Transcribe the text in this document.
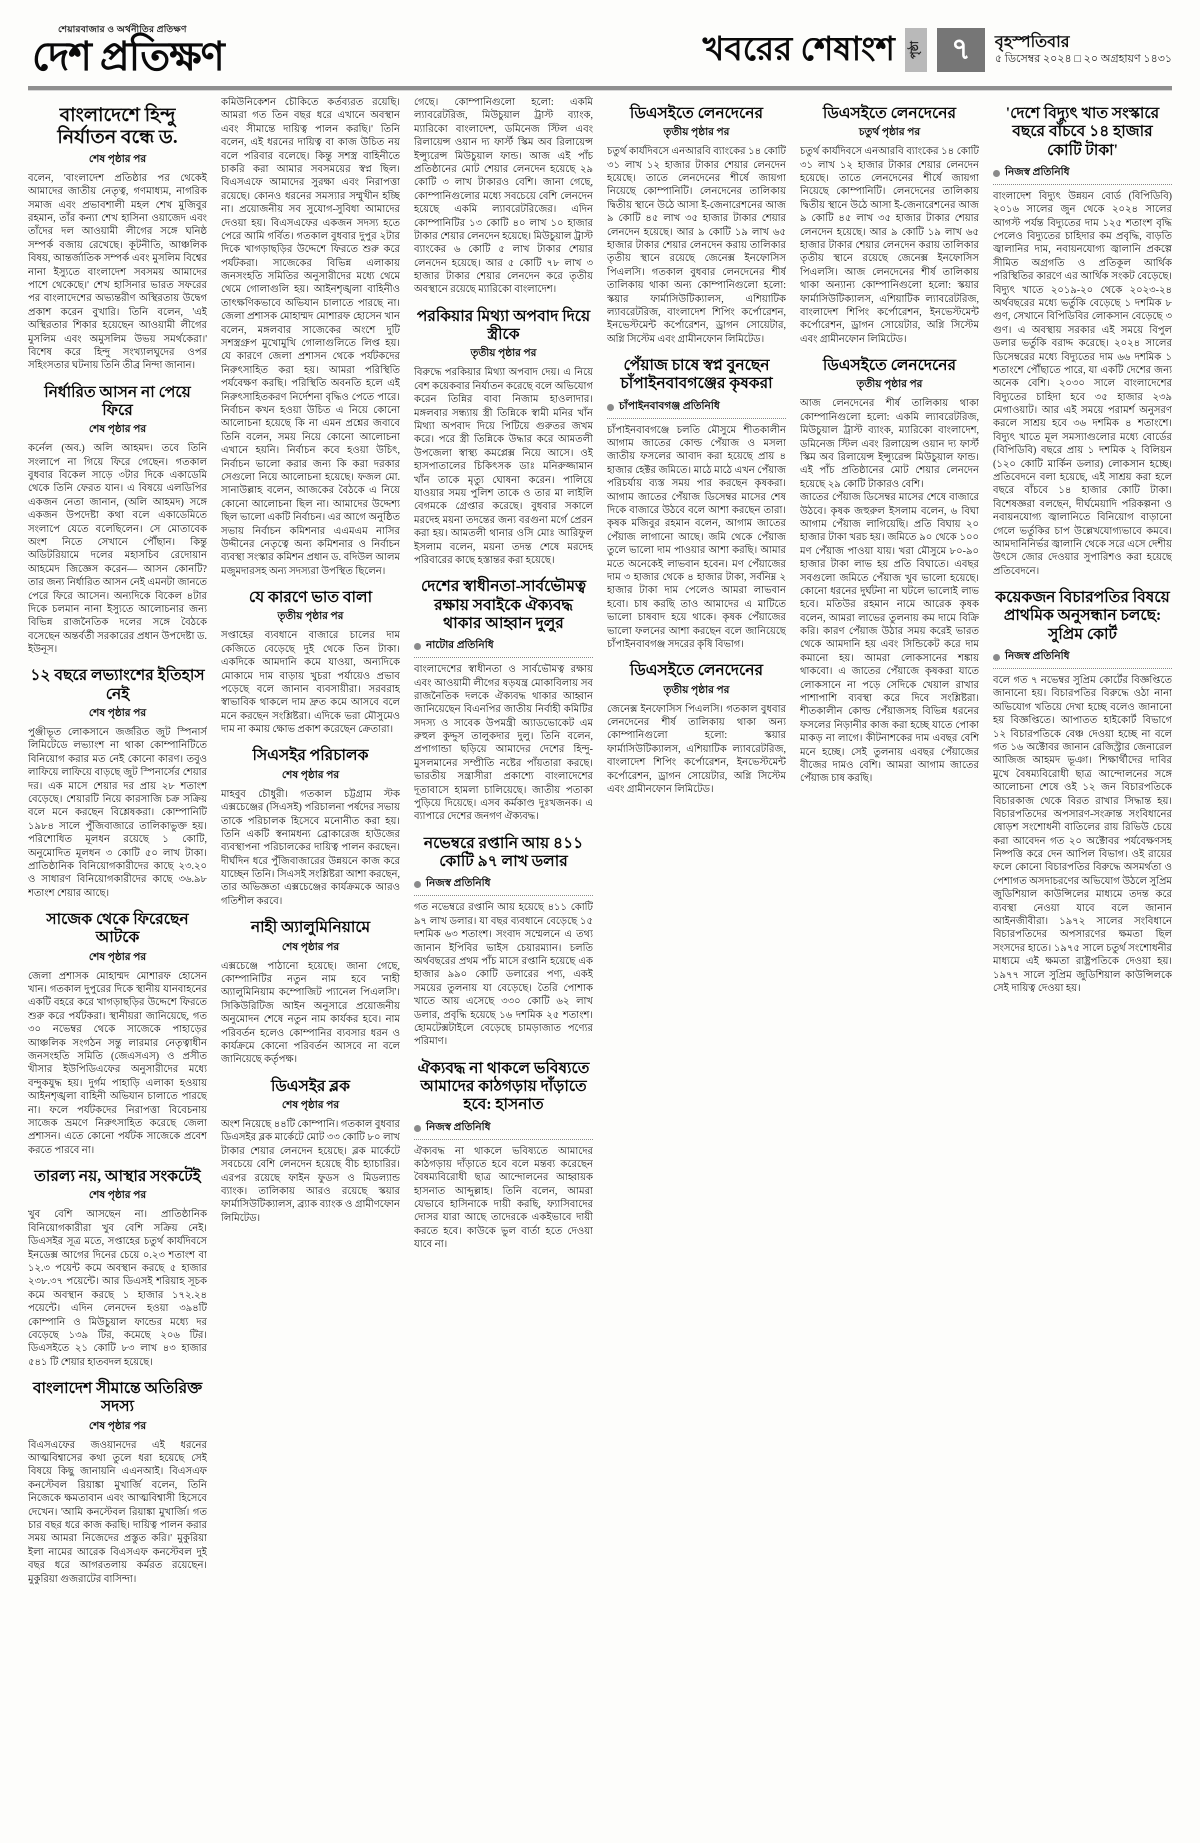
শেয়ারবাজার ও অর্থনীতির প্রতিক্ষণ
দেশ প্রতিক্ষণ	খবরের শেষাংশ পৃষ্ঠা ৭ বৃহস্পতিবার
৫ ডিসেম্বর ২০২৪ □ ২০ অগ্রহায়ণ ১৪৩১
বাংলাদেশে হিন্দু নির্যাতন বন্ধে ড.
শেষ পৃষ্ঠার পর
বলেন, 'বাংলাদেশ প্রতিষ্ঠার পর থেকেই আমাদের জাতীয় নেতৃত্ব, গণমাধ্যম, নাগরিক সমাজ এবং প্রভাবশালী মহল শেখ মুজিবুর রহমান, তাঁর কন্যা শেখ হাসিনা ওয়াজেদ এবং তাঁদের দল আওয়ামী লীগের সঙ্গে ঘনিষ্ঠ সম্পর্ক বজায় রেখেছে। কূটনীতি, আঞ্চলিক বিষয়, আন্তর্জাতিক সম্পর্ক এবং মুসলিম বিশ্বের নানা ইস্যুতে বাংলাদেশ সবসময় আমাদের পাশে থেকেছে।' শেখ হাসিনার ভারত সফরের পর বাংলাদেশের অভ্যন্তরীণ অস্থিরতায় উদ্বেগ প্রকাশ করেন বুখারি। তিনি বলেন, 'এই অস্থিরতার শিকার হয়েছেন আওয়ামী লীগের মুসলিম এবং অমুসলিম উভয় সমর্থকেরা।' বিশেষ করে হিন্দু সংখ্যালঘুদের ওপর সহিংসতার ঘটনায় তিনি তীব্র নিন্দা জানান।
নির্ধারিত আসন না পেয়ে ফিরে
শেষ পৃষ্ঠার পর
কর্নেল (অব.) অলি আহমদ। তবে তিনি সংলাপে না গিয়ে ফিরে গেছেন। গতকাল বুধবার বিকেল সাড়ে ৩টার দিকে একাডেমি থেকে তিনি ফেরত যান। এ বিষয়ে এলডিপির একজন নেতা জানান, (অলি আহমদ) সঙ্গে একজন উপদেষ্টা কথা বলে একাডেমিতে সংলাপে যেতে বলেছিলেন। সে মোতাবেক অংশ নিতে সেখানে পৌঁছান। কিন্তু অডিটরিয়ামে দলের মহাসচিব রেদোয়ান আহমেদ জিজ্ঞেস করেন— আসন কোনটি? তার জন্য নির্ধারিত আসন নেই এমনটা জানতে পেরে ফিরে আসেন। অন্যদিকে বিকেল ৪টার দিকে চলমান নানা ইস্যুতে আলোচনার জন্য বিভিন্ন রাজনৈতিক দলের সঙ্গে বৈঠকে বসেছেন অন্তর্বর্তী সরকারের প্রধান উপদেষ্টা ড. ইউনূস।
১২ বছরে লভ্যাংশের ইতিহাস নেই
শেষ পৃষ্ঠার পর
পুঞ্জীভূত লোকসানে জর্জরিত জুট স্পিনার্স লিমিটেডে লভ্যাংশ না থাকা কোম্পানিটিতে বিনিয়োগ করার মত নেই কোনো কারণ। তবুও লাফিয়ে লাফিয়ে বাড়ছে জুট স্পিনার্সের শেয়ার দর। এক মাসে শেয়ার দর প্রায় ২৮ শতাংশ বেড়েছে। শেয়ারটি নিয়ে কারসাজি চক্র সক্রিয় বলে মনে করছেন বিশ্লেষকরা। কোম্পানিটি ১৯৮৪ সালে পুঁজিবাজারে তালিকাভুক্ত হয়। পরিশোধিত মূলধন রয়েছে ১ কোটি, অনুমোদিত মূলধন ৩ কোটি ৫০ লাখ টাকা। প্রাতিষ্ঠানিক বিনিয়োগকারীদের কাছে ২৩.২০ ও সাধারণ বিনিয়োগকারীদের কাছে ৩৬.৯৮ শতাংশ শেয়ার আছে।
সাজেক থেকে ফিরেছেন আটকে
শেষ পৃষ্ঠার পর
জেলা প্রশাসক মোহাম্মদ মোশারফ হোসেন খান। গতকাল দুপুরের দিকে স্থানীয় যানবাহনের একটি বহরে করে খাগড়াছড়ির উদ্দেশে ফিরতে শুরু করে পর্যটকরা। স্থানীয়রা জানিয়েছে, গত ৩০ নভেম্বর থেকে সাজেকে পাহাড়ের আঞ্চলিক সংগঠন সন্তু লারমার নেতৃত্বাধীন জনসংহতি সমিতি (জেএসএস) ও প্রসীত খীসার ইউপিডিএফের অনুসারীদের মধ্যে বন্দুকযুদ্ধ হয়। দুর্গম পাহাড়ি এলাকা হওয়ায় আইনশৃঙ্খলা বাহিনী অভিযান চালাতে পারছে না। ফলে পর্যটকদের নিরাপত্তা বিবেচনায় সাজেক ভ্রমণে নিরুৎসাহিত করেছে জেলা প্রশাসন। এতে কোনো পর্যটক সাজেকে প্রবেশ করতে পারবে না।
তারল্য নয়, আস্থার সংকটেই
শেষ পৃষ্ঠার পর
খুব বেশি আসছেন না। প্রাতিষ্ঠানিক বিনিয়োগকারীরা খুব বেশি সক্রিয় নেই। ডিএসইর সূত্র মতে, সপ্তাহের চতুর্থ কার্যদিবসে ইনডেক্স আগের দিনের চেয়ে ০.২৩ শতাংশ বা ১২.৩ পয়েন্ট কমে অবস্থান করছে ৫ হাজার ২৩৮.৩৭ পয়েন্টে। আর ডিএসই শরিয়াহ সূচক কমে অবস্থান করছে ১ হাজার ১৭২.২৪ পয়েন্টে। এদিন লেনদেন হওয়া ৩৯৪টি কোম্পানি ও মিউচুয়াল ফান্ডের মধ্যে দর বেড়েছে ১৩৯ টির, কমেছে ২০৬ টির। ডিএসইতে ২১ কোটি ৮৩ লাখ ৪৩ হাজার ৫৪১ টি শেয়ার হাতবদল হয়েছে।
বাংলাদেশ সীমান্তে অতিরিক্ত সদস্য
শেষ পৃষ্ঠার পর
বিএসএফের জওয়ানদের এই ধরনের আত্মবিশ্বাসের কথা তুলে ধরা হয়েছে সেই বিষয়ে কিছু জানায়নি এএনআই। বিএসএফ কনস্টেবল রিয়াঙ্কা মুখার্জি বলেন, তিনি নিজেকে ক্ষমতাবান এবং আত্মবিশ্বাসী হিসেবে দেখেন। 'আমি কনস্টেবল রিয়াঙ্কা মুখার্জি। গত চার বছর ধরে কাজ করছি। দায়িত্ব পালন করার সময় আমরা নিজেদের প্রস্তুত করি।' মুকুরিয়া ইলা নামের আরেক বিএসএফ কনস্টেবল দুই বছর ধরে আগরতলায় কর্মরত রয়েছেন। মুকুরিয়া গুজরাটের বাসিন্দা।
কমিউনিকেশন চৌকিতে কর্তব্যরত রয়েছি। আমরা গত তিন বছর ধরে এখানে অবস্থান এবং সীমান্তে দায়িত্ব পালন করছি।' তিনি বলেন, এই ধরনের দায়িত্ব বা কাজ উচিত নয় বলে পরিবার বলেছে। কিন্তু সশস্ত্র বাহিনীতে চাকরি করা আমার সবসময়ের স্বপ্ন ছিল। বিএসএফে আমাদের সুরক্ষা এবং নিরাপত্তা রয়েছে। কোনও ধরনের সমস্যার সম্মুখীন হচ্ছি না। প্রয়োজনীয় সব সুযোগ-সুবিধা আমাদের দেওয়া হয়। বিএসএফের একজন সদস্য হতে পেরে আমি গর্বিত। গতকাল বুধবার দুপুর ২টার দিকে খাগড়াছড়ির উদ্দেশে ফিরতে শুরু করে পর্যটকরা। সাজেকের বিভিন্ন এলাকায় জনসংহতি সমিতির অনুসারীদের মধ্যে থেমে থেমে গোলাগুলি হয়। আইনশৃঙ্খলা বাহিনীও তাৎক্ষণিকভাবে অভিযান চালাতে পারছে না। জেলা প্রশাসক মোহাম্মদ মোশারফ হোসেন খান বলেন, মঙ্গলবার সাজেকের অংশে দুটি সশস্ত্রগ্রুপ মুখোমুখি গোলাগুলিতে লিপ্ত হয়। যে কারণে জেলা প্রশাসন থেকে পর্যটকদের নিরুৎসাহিত করা হয়। আমরা পরিস্থিতি পর্যবেক্ষণ করছি। পরিস্থিতি অবনতি হলে এই নিরুৎসাহিতকরণ নির্দেশনা বৃদ্ধিও পেতে পারে। নির্বাচন কখন হওয়া উচিত এ নিয়ে কোনো আলোচনা হয়েছে কি না এমন প্রশ্নের জবাবে তিনি বলেন, সময় নিয়ে কোনো আলোচনা এখানে হয়নি। নির্বাচন কবে হওয়া উচিৎ, নির্বাচন ভালো করার জন্য কি করা দরকার সেগুলো নিয়ে আলোচনা হয়েছে। ফজল মো. সানাউল্লাহ বলেন, আজকের বৈঠকে এ নিয়ে কোনো আলোচনা ছিল না। আমাদের উদ্দেশ্য ছিল ভালো একটি নির্বাচন। এর আগে অনুষ্ঠিত সভায় নির্বাচন কমিশনার এএমএম নাসির উদ্দীনের নেতৃত্বে অন্য কমিশনার ও নির্বাচন ব্যবস্থা সংস্কার কমিশন প্রধান ড. বদিউল আলম মজুমদারসহ অন্য সদস্যরা উপস্থিত ছিলেন।
যে কারণে ভাত বালা
তৃতীয় পৃষ্ঠার পর
সপ্তাহের ব্যবধানে বাজারে চালের দাম কেজিতে বেড়েছে দুই থেকে তিন টাকা। একদিকে আমদানি কমে যাওয়া, অন্যদিকে মোকামে দাম বাড়ায় খুচরা পর্যায়েও প্রভাব পড়েছে বলে জানান ব্যবসায়ীরা। সরবরাহ স্বাভাবিক থাকলে দাম দ্রুত কমে আসবে বলে মনে করছেন সংশ্লিষ্টরা। এদিকে ভরা মৌসুমেও দাম না কমায় ক্ষোভ প্রকাশ করেছেন ক্রেতারা।
সিএসইর পরিচালক
শেষ পৃষ্ঠার পর
মাহবুব চৌধুরী। গতকাল চট্টগ্রাম স্টক এক্সচেঞ্জের (সিএসই) পরিচালনা পর্ষদের সভায় তাকে পরিচালক হিসেবে মনোনীত করা হয়। তিনি একটি স্বনামধন্য ব্রোকারেজ হাউজের ব্যবস্থাপনা পরিচালকের দায়িত্ব পালন করছেন। দীর্ঘদিন ধরে পুঁজিবাজারের উন্নয়নে কাজ করে যাচ্ছেন তিনি। সিএসই সংশ্লিষ্টরা আশা করছেন, তার অভিজ্ঞতা এক্সচেঞ্জের কার্যক্রমকে আরও গতিশীল করবে।
নাহী অ্যালুমিনিয়ামে
শেষ পৃষ্ঠার পর
এক্সচেঞ্জে পাঠানো হয়েছে। জানা গেছে, কোম্পানিটির নতুন নাম হবে 'নাহী অ্যালুমিনিয়াম কম্পোজিট প্যানেল পিএলসি'। সিকিউরিটিজ আইন অনুসারে প্রয়োজনীয় অনুমোদন শেষে নতুন নাম কার্যকর হবে। নাম পরিবর্তন হলেও কোম্পানির ব্যবসার ধরন ও কার্যক্রমে কোনো পরিবর্তন আসবে না বলে জানিয়েছে কর্তৃপক্ষ।
ডিএসইর ব্লক
শেষ পৃষ্ঠার পর
অংশ নিয়েছে ৪৪টি কোম্পানি। গতকাল বুধবার ডিএসইর ব্লক মার্কেটে মোট ৩৩ কোটি ৮০ লাখ টাকার শেয়ার লেনদেন হয়েছে। ব্লক মার্কেটে সবচেয়ে বেশি লেনদেন হয়েছে বীচ হ্যাচারির। এরপর রয়েছে ফাইন ফুডস ও মিডল্যান্ড ব্যাংক। তালিকায় আরও রয়েছে স্কয়ার ফার্মাসিউটিক্যালস, ব্র্যাক ব্যাংক ও গ্রামীণফোন লিমিটেড।
গেছে। কোম্পানিগুলো হলো: একমি ল্যাবরেটরিজ, মিউচুয়াল ট্রাস্ট ব্যাংক, ম্যারিকো বাংলাদেশ, ডমিনেজ স্টিল এবং রিলায়েন্স ওয়ান দ্য ফার্স্ট স্কিম অব রিলায়েন্স ইন্স্যুরেন্স মিউচুয়াল ফান্ড। আজ এই পাঁচ প্রতিষ্ঠানের মোট শেয়ার লেনদেন হয়েছে ২৯ কোটি ৩ লাখ টাকারও বেশি। জানা গেছে, কোম্পানিগুলোর মধ্যে সবচেয়ে বেশি লেনদেন হয়েছে একমি ল্যাবরেটরিজের। এদিন কোম্পানিটির ১৩ কোটি ৪০ লাখ ১০ হাজার টাকার শেয়ার লেনদেন হয়েছে। মিউচুয়াল ট্রাস্ট ব্যাংকের ৬ কোটি ৫ লাখ টাকার শেয়ার লেনদেন হয়েছে। আর ৫ কোটি ৭৮ লাখ ৩ হাজার টাকার শেয়ার লেনদেন করে তৃতীয় অবস্থানে রয়েছে ম্যারিকো বাংলাদেশ।
পরকিয়ার মিথ্যা অপবাদ দিয়ে স্ত্রীকে
তৃতীয় পৃষ্ঠার পর
বিরুদ্ধে পরকিয়ার মিথ্যা অপবাদ দেয়। এ নিয়ে বেশ কয়েকবার নির্যাতন করেছে বলে অভিযোগ করেন তিন্নির বাবা নিজাম হাওলাদার। মঙ্গলবার সন্ধ্যায় স্ত্রী তিন্নিকে স্বামী মনির খাঁন মিথ্যা অপবাদ দিয়ে পিটিয়ে গুরুতর জখম করে। পরে স্ত্রী তিন্নিকে উদ্ধার করে আমতলী উপজেলা স্বাস্থ্য কমপ্লেক্স নিয়ে আসে। ওই হাসপাতালের চিকিৎসক ডাঃ মনিরুজ্জামান খাঁন তাকে মৃত্যু ঘোষনা করেন। পালিয়ে যাওয়ার সময় পুলিশ তাকে ও তার মা লাইলি বেগমকে গ্রেপ্তার করেছে। বুধবার সকালে মরদেহ ময়না তদন্তের জন্য বরগুনা মর্গে প্রেরন করা হয়। আমতলী থানার ওসি মোঃ আরিফুল ইসলাম বলেন, ময়না তদন্ত শেষে মরদেহ পরিবারের কাছে হস্তান্তর করা হয়েছে।
দেশের স্বাধীনতা-সার্বভৌমত্ব রক্ষায় সবাইকে ঐক্যবদ্ধ থাকার আহ্বান দুলুর
নাটোর প্রতিনিধি
বাংলাদেশের স্বাধীনতা ও সার্বভৌমত্ব রক্ষায় এবং আওয়ামী লীগের ষড়যন্ত্র মোকাবিলায় সব রাজনৈতিক দলকে ঐক্যবদ্ধ থাকার আহ্বান জানিয়েছেন বিএনপির জাতীয় নির্বাহী কমিটির সদস্য ও সাবেক উপমন্ত্রী অ্যাডভোকেট এম রুহুল কুদ্দুস তালুকদার দুলু। তিনি বলেন, প্রপাগান্ডা ছড়িয়ে আমাদের দেশের হিন্দু-মুসলমানের সম্প্রীতি নষ্টের পাঁয়তারা করছে। ভারতীয় সন্ত্রাসীরা প্রকাশ্যে বাংলাদেশের দূতাবাসে হামলা চালিয়েছে। জাতীয় পতাকা পুড়িয়ে দিয়েছে। এসব কর্মকাণ্ড দুঃখজনক। এ ব্যাপারে দেশের জনগণ ঐক্যবদ্ধ।
নভেম্বরে রপ্তানি আয় ৪১১ কোটি ৯৭ লাখ ডলার
নিজস্ব প্রতিনিধি
গত নভেম্বরে রপ্তানি আয় হয়েছে ৪১১ কোটি ৯৭ লাখ ডলার। যা বছর ব্যবধানে বেড়েছে ১৫ দশমিক ৬৩ শতাংশ। সংবাদ সম্মেলনে এ তথ্য জানান ইপিবির ভাইস চেয়ারম্যান। চলতি অর্থবছরের প্রথম পাঁচ মাসে রপ্তানি হয়েছে এক হাজার ৯৯০ কোটি ডলারের পণ্য, একই সময়ের তুলনায় যা বেড়েছে। তৈরি পোশাক খাতে আয় এসেছে ৩৩০ কোটি ৬২ লাখ ডলার, প্রবৃদ্ধি হয়েছে ১৬ দশমিক ২৫ শতাংশ। হোমটেক্সটাইলে বেড়েছে চামড়াজাত পণ্যের পরিমাণ।
ঐক্যবদ্ধ না থাকলে ভবিষ্যতে আমাদের কাঠগড়ায় দাঁড়াতে হবে: হাসনাত
নিজস্ব প্রতিনিধি
ঐক্যবদ্ধ না থাকলে ভবিষ্যতে আমাদের কাঠগড়ায় দাঁড়াতে হবে বলে মন্তব্য করেছেন বৈষম্যবিরোধী ছাত্র আন্দোলনের আহ্বায়ক হাসনাত আব্দুল্লাহ। তিনি বলেন, আমরা যেভাবে হাসিনাকে দায়ী করছি, ফ্যাসিবাদের দোসর যারা আছে তাদেরকে একইভাবে দায়ী করতে হবে। কাউকে ভুল বার্তা হতে দেওয়া যাবে না।
ডিএসইতে লেনদেনের
তৃতীয় পৃষ্ঠার পর
চতুর্থ কার্যদিবসে এনআরবি ব্যাংকের ১৪ কোটি ৩১ লাখ ১২ হাজার টাকার শেয়ার লেনদেন হয়েছে। তাতে লেনদেনের শীর্ষে জায়গা নিয়েছে কোম্পানিটি। লেনদেনের তালিকায় দ্বিতীয় স্থানে উঠে আসা ই-জেনারেশনের আজ ৯ কোটি ৪৫ লাখ ৩৫ হাজার টাকার শেয়ার লেনদেন হয়েছে। আর ৯ কোটি ১৯ লাখ ৬৫ হাজার টাকার শেয়ার লেনদেন করায় তালিকার তৃতীয় স্থানে রয়েছে জেনেক্স ইনফোসিস পিএলসি। গতকাল বুধবার লেনদেনের শীর্ষ তালিকায় থাকা অন্য কোম্পানিগুলো হলো: স্কয়ার ফার্মাসিউটিক্যালস, এশিয়াটিক ল্যাবরেটরিজ, বাংলাদেশ শিপিং কর্পোরেশন, ইনভেস্টমেন্ট কর্পোরেশন, ড্রাগন সোয়েটার, অগ্নি সিস্টেম এবং গ্রামীনফোন লিমিটেড।
পেঁয়াজ চাষে স্বপ্ন বুনছেন চাঁপাইনবাবগঞ্জের কৃষকরা
চাঁপাইনবাবগঞ্জ প্রতিনিধি
চাঁপাইনবাবগঞ্জে চলতি মৌসুমে শীতকালীন আগাম জাতের কোল্ড পেঁয়াজ ও মসলা জাতীয় ফসলের আবাদ করা হয়েছে প্রায় ৪ হাজার হেক্টর জমিতে। মাঠে মাঠে এখন পেঁয়াজ পরিচর্যায় ব্যস্ত সময় পার করছেন কৃষকরা। আগাম জাতের পেঁয়াজ ডিসেম্বর মাসের শেষ দিকে বাজারে উঠবে বলে আশা করছেন তারা। কৃষক মজিবুর রহমান বলেন, আগাম জাতের পেঁয়াজ লাগানো আছে। জমি থেকে পেঁয়াজ তুলে ভালো দাম পাওয়ার আশা করছি। আমার মতে অনেকেই লাভবান হবেন। মণ পেঁয়াজের দাম ৩ হাজার থেকে ৪ হাজার টাকা, সর্বনিম্ন ২ হাজার টাকা দাম পেলেও আমরা লাভবান হবো। চাষ করছি তাও আমাদের এ মাটিতে ভালো চাষবাদ হয়ে থাকে। কৃষক পেঁয়াজের ভালো ফলনের আশা করছেন বলে জানিয়েছে চাঁপাইনবাবগঞ্জ সদরের কৃষি বিভাগ।
ডিএসইতে লেনদেনের
তৃতীয় পৃষ্ঠার পর
জেনেক্স ইনফোসিস পিএলসি। গতকাল বুধবার লেনদেনের শীর্ষ তালিকায় থাকা অন্য কোম্পানিগুলো হলো: স্কয়ার ফার্মাসিউটিক্যালস, এশিয়াটিক ল্যাবরেটরিজ, বাংলাদেশ শিপিং কর্পোরেশন, ইনভেস্টমেন্ট কর্পোরেশন, ড্রাগন সোয়েটার, অগ্নি সিস্টেম এবং গ্রামীনফোন লিমিটেড।
ডিএসইতে লেনদেনের
চতুর্থ পৃষ্ঠার পর
চতুর্থ কার্যদিবসে এনআরবি ব্যাংকের ১৪ কোটি ৩১ লাখ ১২ হাজার টাকার শেয়ার লেনদেন হয়েছে। তাতে লেনদেনের শীর্ষে জায়গা নিয়েছে কোম্পানিটি। লেনদেনের তালিকায় দ্বিতীয় স্থানে উঠে আসা ই-জেনারেশনের আজ ৯ কোটি ৪৫ লাখ ৩৫ হাজার টাকার শেয়ার লেনদেন হয়েছে। আর ৯ কোটি ১৯ লাখ ৬৫ হাজার টাকার শেয়ার লেনদেন করায় তালিকার তৃতীয় স্থানে রয়েছে জেনেক্স ইনফোসিস পিএলসি। আজ লেনদেনের শীর্ষ তালিকায় থাকা অন্যান্য কোম্পানিগুলো হলো: স্কয়ার ফার্মাসিউটিক্যালস, এশিয়াটিক ল্যাবরেটরিজ, বাংলাদেশ শিপিং কর্পোরেশন, ইনভেস্টমেন্ট কর্পোরেশন, ড্রাগন সোয়েটার, অগ্নি সিস্টেম এবং গ্রামীনফোন লিমিটেড।
ডিএসইতে লেনদেনের
তৃতীয় পৃষ্ঠার পর
আজ লেনদেনের শীর্ষ তালিকায় থাকা কোম্পানিগুলো হলো: একমি ল্যাবরেটরিজ, মিউচুয়াল ট্রাস্ট ব্যাংক, ম্যারিকো বাংলাদেশ, ডমিনেজ স্টিল এবং রিলায়েন্স ওয়ান দ্য ফার্স্ট স্কিম অব রিলায়েন্স ইন্স্যুরেন্স মিউচুয়াল ফান্ড। এই পাঁচ প্রতিষ্ঠানের মোট শেয়ার লেনদেন হয়েছে ২৯ কোটি টাকারও বেশি।
জাতের পেঁয়াজ ডিসেম্বর মাসের শেষে বাজারে উঠবে। কৃষক জহুরুল ইসলাম বলেন, ৬ বিঘা আগাম পেঁয়াজ লাগিয়েছি। প্রতি বিঘায় ২০ হাজার টাকা খরচ হয়। জমিতে ৯০ থেকে ১০০ মণ পেঁয়াজ পাওয়া যায়। খরা মৌসুমে ৮০-৯০ হাজার টাকা লাভ হয় প্রতি বিঘাতে। এবছর সবগুলো জমিতে পেঁয়াজ খুব ভালো হয়েছে। কোনো ধরনের দুর্ঘটনা না ঘটলে ভালোই লাভ হবে। মতিউর রহমান নামে আরেক কৃষক বলেন, আমরা লাভের তুলনায় কম দামে বিক্রি করি। কারণ পেঁয়াজ উঠার সময় করেই ভারত থেকে আমদানি হয় এবং সিন্ডিকেট করে দাম কমানো হয়। আমরা লোকসানের শঙ্কায় থাকবো। এ জাতের পেঁয়াজে কৃষকরা যাতে লোকসানে না পড়ে সেদিকে খেয়াল রাখার পাশাপাশি ব্যবস্থা করে দিবে সংশ্লিষ্টরা। শীতকালীন কোল্ড পেঁয়াজসহ বিভিন্ন ধরনের ফসলের নিড়ানীর কাজ করা হচ্ছে যাতে পোকা মাকড় না লাগে। কীটনাশকের দাম এবছর বেশি মনে হচ্ছে। সেই তুলনায় এবছর পেঁয়াজের বীজের দামও বেশি। আমরা আগাম জাতের পেঁয়াজ চাষ করছি।
'দেশে বিদ্যুৎ খাত সংস্কারে বছরে বাঁচবে ১৪ হাজার কোটি টাকা'
নিজস্ব প্রতিনিধি
বাংলাদেশ বিদ্যুৎ উন্নয়ন বোর্ড (বিপিডিবি) ২০১৬ সালের জুন থেকে ২০২৪ সালের আগস্ট পর্যন্ত বিদ্যুতের দাম ১২৫ শতাংশ বৃদ্ধি পেলেও বিদ্যুতের চাহিদার কম প্রবৃদ্ধি, বাড়তি জ্বালানির দাম, নবায়নযোগ্য জ্বালানি প্রকল্পে সীমিত অগ্রগতি ও প্রতিকূল আর্থিক পরিস্থিতির কারণে এর আর্থিক সংকট বেড়েছে। বিদ্যুৎ খাতে ২০১৯-২০ থেকে ২০২৩-২৪ অর্থবছরের মধ্যে ভর্তুকি বেড়েছে ১ দশমিক ৮ গুণ, সেখানে বিপিডিবির লোকসান বেড়েছে ৩ গুণ। এ অবস্থায় সরকার এই সময়ে বিপুল ডলার ভর্তুকি বরাদ্দ করেছে। ২০২৪ সালের ডিসেম্বরের মধ্যে বিদ্যুতের দাম ৬৬ দশমিক ১ শতাংশে পৌঁছাতে পারে, যা একটি দেশের জন্য অনেক বেশি। ২০৩০ সালে বাংলাদেশের বিদ্যুতের চাহিদা হবে ৩৫ হাজার ২৩৯ মেগাওয়াট। আর এই সময়ে পরামর্শ অনুসরণ করলে সাশ্রয় হবে ৩৬ দশমিক ৪ শতাংশে। বিদ্যুৎ খাতে মূল সমস্যাগুলোর মধ্যে বোর্ডের (বিপিডিবি) বছরে প্রায় ১ দশমিক ২ বিলিয়ন (১২০ কোটি মার্কিন ডলার) লোকসান হচ্ছে। প্রতিবেদনে বলা হয়েছে, এই সাশ্রয় করা হলে বছরে বাঁচবে ১৪ হাজার কোটি টাকা। বিশেষজ্ঞরা বলছেন, দীর্ঘমেয়াদি পরিকল্পনা ও নবায়নযোগ্য জ্বালানিতে বিনিয়োগ বাড়ানো গেলে ভর্তুকির চাপ উল্লেখযোগ্যভাবে কমবে। আমদানিনির্ভর জ্বালানি থেকে সরে এসে দেশীয় উৎসে জোর দেওয়ার সুপারিশও করা হয়েছে প্রতিবেদনে।
কয়েকজন বিচারপতির বিষয়ে প্রাথমিক অনুসন্ধান চলছে: সুপ্রিম কোর্ট
নিজস্ব প্রতিনিধি
বলে গত ৭ নভেম্বর সুপ্রিম কোর্টের বিজ্ঞপ্তিতে জানানো হয়। বিচারপতির বিরুদ্ধে ওঠা নানা অভিযোগ খতিয়ে দেখা হচ্ছে বলেও জানানো হয় বিজ্ঞপ্তিতে। আপাতত হাইকোর্ট বিভাগে ১২ বিচারপতিকে বেঞ্চ দেওয়া হচ্ছে না বলে গত ১৬ অক্টোবর জানান রেজিস্ট্রার জেনারেল আজিজ আহমদ ভূঞা। শিক্ষার্থীদের দাবির মুখে বৈষম্যবিরোধী ছাত্র আন্দোলনের সঙ্গে আলোচনা শেষে ওই ১২ জন বিচারপতিকে বিচারকাজ থেকে বিরত রাখার সিদ্ধান্ত হয়। বিচারপতিদের অপসারণ-সংক্রান্ত সংবিধানের ষোড়শ সংশোধনী বাতিলের রায় রিভিউ চেয়ে করা আবেদন গত ২০ অক্টোবর পর্যবেক্ষণসহ নিষ্পত্তি করে দেন আপিল বিভাগ। ওই রায়ের ফলে কোনো বিচারপতির বিরুদ্ধে অসমর্থতা ও পেশাগত অসদাচরণের অভিযোগ উঠলে সুপ্রিম জুডিশিয়াল কাউন্সিলের মাধ্যমে তদন্ত করে ব্যবস্থা নেওয়া যাবে বলে জানান আইনজীবীরা। ১৯৭২ সালের সংবিধানে বিচারপতিদের অপসারণের ক্ষমতা ছিল সংসদের হাতে। ১৯৭৫ সালে চতুর্থ সংশোধনীর মাধ্যমে এই ক্ষমতা রাষ্ট্রপতিকে দেওয়া হয়। ১৯৭৭ সালে সুপ্রিম জুডিশিয়াল কাউন্সিলকে সেই দায়িত্ব দেওয়া হয়।
